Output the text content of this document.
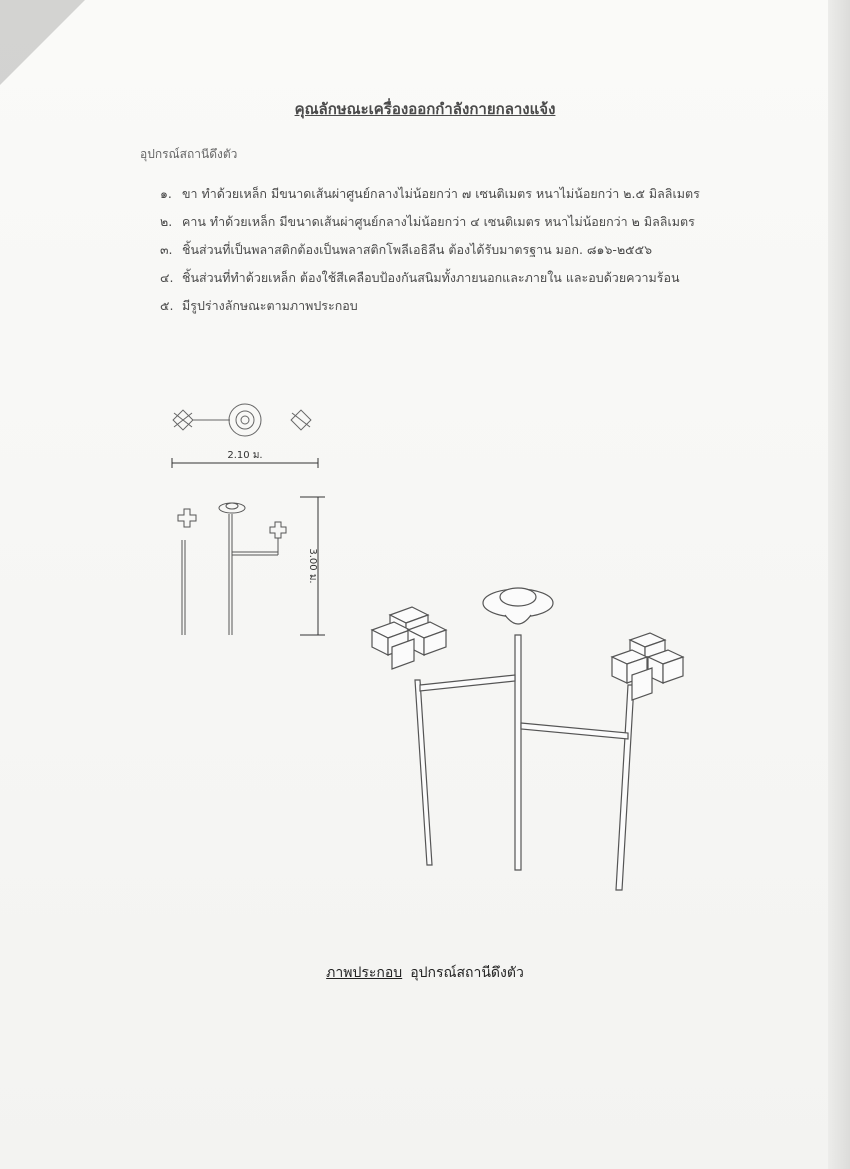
คุณลักษณะเครื่องออกกำลังกายกลางแจ้ง
อุปกรณ์สถานีดึงตัว
๑. ขา ทำด้วยเหล็ก มีขนาดเส้นผ่าศูนย์กลางไม่น้อยกว่า ๗ เซนติเมตร หนาไม่น้อยกว่า ๒.๕ มิลลิเมตร
๒. คาน ทำด้วยเหล็ก มีขนาดเส้นผ่าศูนย์กลางไม่น้อยกว่า ๔ เซนติเมตร หนาไม่น้อยกว่า ๒ มิลลิเมตร
๓. ชิ้นส่วนที่เป็นพลาสติกต้องเป็นพลาสติกโพลีเอธิลีน ต้องได้รับมาตรฐาน มอก. ๘๑๖-๒๕๕๖
๔. ชิ้นส่วนที่ทำด้วยเหล็ก ต้องใช้สีเคลือบป้องกันสนิมทั้งภายนอกและภายใน และอบด้วยความร้อน
๕. มีรูปร่างลักษณะตามภาพประกอบ
2.10 ม.
3.00 ม.
ภาพประกอบ อุปกรณ์สถานีดึงตัว
